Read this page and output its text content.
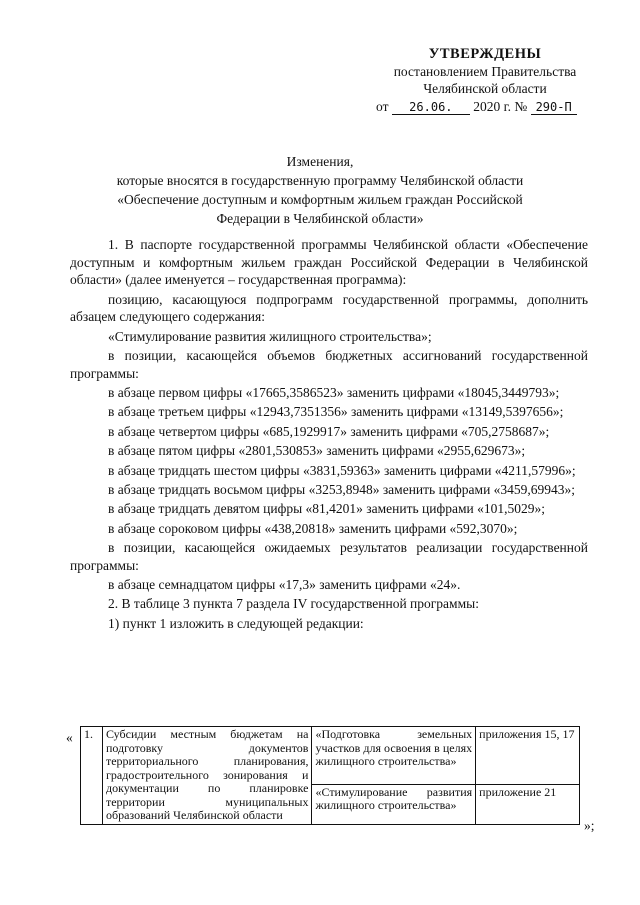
УТВЕРЖДЕНЫ
постановлением Правительства
Челябинской области
от 26.06. 2020 г. № 290-П
Изменения,
которые вносятся в государственную программу Челябинской области
«Обеспечение доступным и комфортным жильем граждан Российской
Федерации в Челябинской области»

1. В паспорте государственной программы Челябинской области «Обеспечение доступным и комфортным жильем граждан Российской Федерации в Челябинской области» (далее именуется – государственная программа):

позицию, касающуюся подпрограмм государственной программы, дополнить абзацем следующего содержания:

«Стимулирование развития жилищного строительства»;

в позиции, касающейся объемов бюджетных ассигнований государственной программы:

в абзаце первом цифры «17665,3586523» заменить цифрами «18045,3449793»;

в абзаце третьем цифры «12943,7351356» заменить цифрами «13149,5397656»;

в абзаце четвертом цифры «685,1929917» заменить цифрами «705,2758687»;

в абзаце пятом цифры «2801,530853» заменить цифрами «2955,629673»;

в абзаце тридцать шестом цифры «3831,59363» заменить цифрами «4211,57996»;

в абзаце тридцать восьмом цифры «3253,8948» заменить цифрами «3459,69943»;

в абзаце тридцать девятом цифры «81,4201» заменить цифрами «101,5029»;

в абзаце сороковом цифры «438,20818» заменить цифрами «592,3070»;

в позиции, касающейся ожидаемых результатов реализации государственной программы:

в абзаце семнадцатом цифры «17,3» заменить цифрами «24».

2. В таблице 3 пункта 7 раздела IV государственной программы:

1) пункт 1 изложить в следующей редакции:

« 1.	Субсидии местным бюджетам на подготовку документов территориального планирования, градостроительного зонирования и документации по планировке территории муниципальных образований Челябинской области	«Подготовка земельных участков для освоения в целях жилищного строительства»	приложения 15, 17
		«Стимулирование развития жилищного строительства»	приложение 21
»;
